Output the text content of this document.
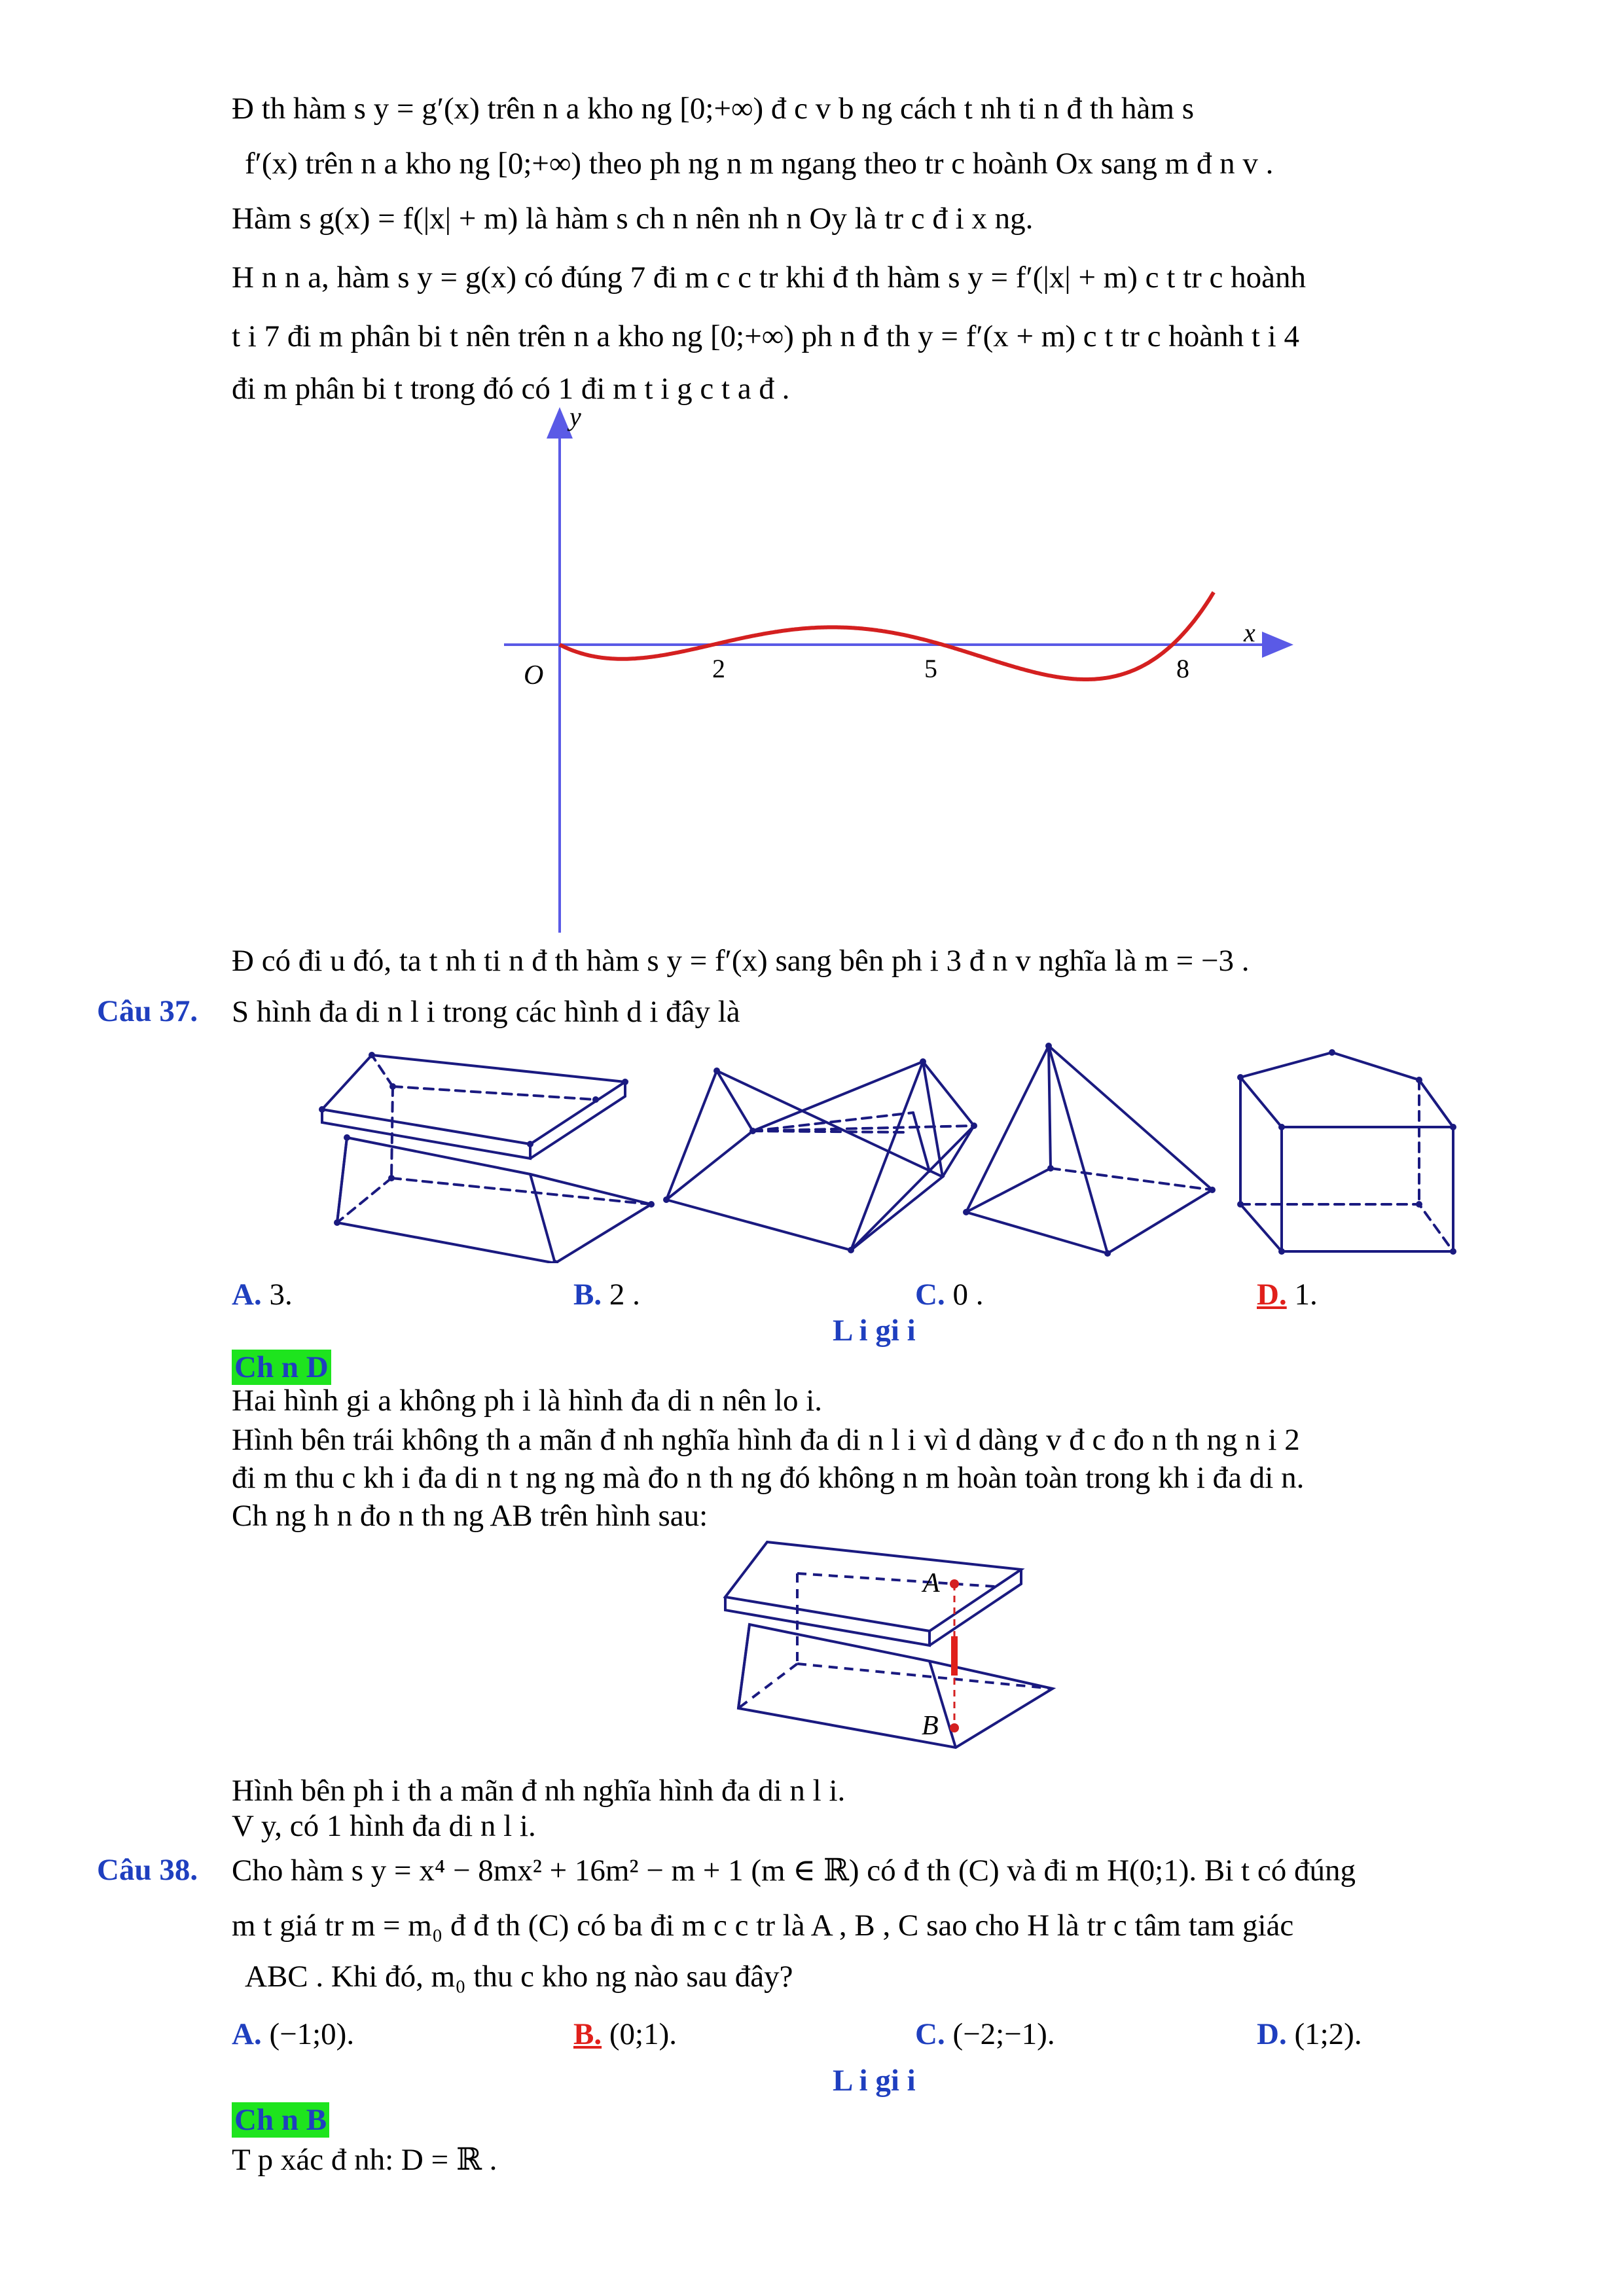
Đ th hàm s y = g′(x) trên n a kho ng [0;+∞) đ c v b ng cách t nh ti n đ th hàm s
f′(x) trên n a kho ng [0;+∞) theo ph ng n m ngang theo tr c hoành Ox sang m đ n v .
Hàm s g(x) = f(|x| + m) là hàm s ch n nên nh n Oy là tr c đ i x ng.
H n n a, hàm s y = g(x) có đúng 7 đi m c c tr khi đ th hàm s y = f′(|x| + m) c t tr c hoành
t i 7 đi m phân bi t nên trên n a kho ng [0;+∞) ph n đ th y = f′(x + m) c t tr c hoành t i 4
đi m phân bi t trong đó có 1 đi m t i g c t a đ .
y
x
O	2	5	8
Đ có đi u đó, ta t nh ti n đ th hàm s y = f′(x) sang bên ph i 3 đ n v nghĩa là m = −3 .
Câu 37. S hình đa di n l i trong các hình d i đây là
A. 3.	B. 2 .	C. 0 .	D. 1.
L i gi i
Ch n D
Hai hình gi a không ph i là hình đa di n nên lo i.
Hình bên trái không th a mãn đ nh nghĩa hình đa di n l i vì d dàng v đ c đo n th ng n i 2
đi m thu c kh i đa di n t ng ng mà đo n th ng đó không n m hoàn toàn trong kh i đa di n.
Ch ng h n đo n th ng AB trên hình sau:
A
B
Hình bên ph i th a mãn đ nh nghĩa hình đa di n l i.
V y, có 1 hình đa di n l i.
Câu 38. Cho hàm s y = x⁴ − 8mx² + 16m² − m + 1 (m ∈ ℝ) có đ th (C) và đi m H(0;1). Bi t có đúng
m t giá tr m = m₀ đ đ th (C) có ba đi m c c tr là A , B , C sao cho H là tr c tâm tam giác
ABC . Khi đó, m₀ thu c kho ng nào sau đây?
A. (−1;0).	B. (0;1).	C. (−2;−1).	D. (1;2).
L i gi i
Ch n B
T p xác đ nh: D = ℝ .
